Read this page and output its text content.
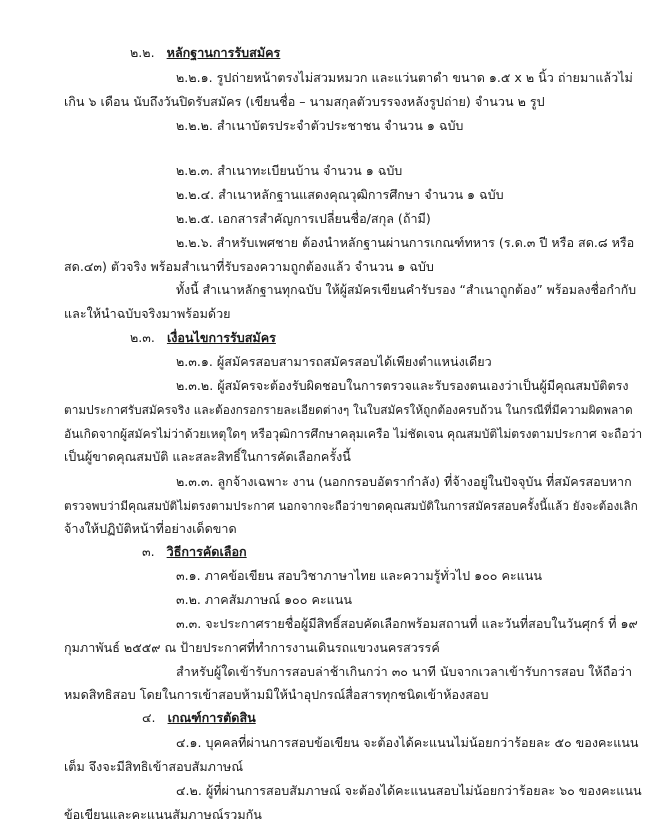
๒.๒. หลักฐานการรับสมัคร
๒.๒.๑. รูปถ่ายหน้าตรงไม่สวมหมวก และแว่นตาดำ ขนาด ๑.๕ x ๒ นิ้ว ถ่ายมาแล้วไม่
เกิน ๖ เดือน นับถึงวันปิดรับสมัคร (เขียนชื่อ – นามสกุลตัวบรรจงหลังรูปถ่าย) จำนวน ๒ รูป
๒.๒.๒. สำเนาบัตรประจำตัวประชาชน จำนวน ๑ ฉบับ
๒.๒.๓. สำเนาทะเบียนบ้าน จำนวน ๑ ฉบับ
๒.๒.๔. สำเนาหลักฐานแสดงคุณวุฒิการศึกษา จำนวน ๑ ฉบับ
๒.๒.๕. เอกสารสำคัญการเปลี่ยนชื่อ/สกุล (ถ้ามี)
๒.๒.๖. สำหรับเพศชาย ต้องนำหลักฐานผ่านการเกณฑ์ทหาร (ร.ด.๓ ปี หรือ สด.๘ หรือ
สด.๔๓) ตัวจริง พร้อมสำเนาที่รับรองความถูกต้องแล้ว จำนวน ๑ ฉบับ
ทั้งนี้ สำเนาหลักฐานทุกฉบับ ให้ผู้สมัครเขียนคำรับรอง “สำเนาถูกต้อง” พร้อมลงชื่อกำกับ
และให้นำฉบับจริงมาพร้อมด้วย
๒.๓. เงื่อนไขการรับสมัคร
๒.๓.๑. ผู้สมัครสอบสามารถสมัครสอบได้เพียงตำแหน่งเดียว
๒.๓.๒. ผู้สมัครจะต้องรับผิดชอบในการตรวจและรับรองตนเองว่าเป็นผู้มีคุณสมบัติตรง
ตามประกาศรับสมัครจริง และต้องกรอกรายละเอียดต่างๆ ในใบสมัครให้ถูกต้องครบถ้วน ในกรณีที่มีความผิดพลาด
อันเกิดจากผู้สมัครไม่ว่าด้วยเหตุใดๆ หรือวุฒิการศึกษาคลุมเครือ ไม่ชัดเจน คุณสมบัติไม่ตรงตามประกาศ จะถือว่า
เป็นผู้ขาดคุณสมบัติ และสละสิทธิ์ในการคัดเลือกครั้งนี้
๒.๓.๓. ลูกจ้างเฉพาะ งาน (นอกกรอบอัตรากำลัง) ที่จ้างอยู่ในปัจจุบัน ที่สมัครสอบหาก
ตรวจพบว่ามีคุณสมบัติไม่ตรงตามประกาศ นอกจากจะถือว่าขาดคุณสมบัติในการสมัครสอบครั้งนี้แล้ว ยังจะต้องเลิก
จ้างให้ปฏิบัติหน้าที่อย่างเด็ดขาด
๓. วิธีการคัดเลือก
๓.๑. ภาคข้อเขียน สอบวิชาภาษาไทย และความรู้ทั่วไป ๑๐๐ คะแนน
๓.๒. ภาคสัมภาษณ์ ๑๐๐ คะแนน
๓.๓. จะประกาศรายชื่อผู้มีสิทธิ์สอบคัดเลือกพร้อมสถานที่ และวันที่สอบในวันศุกร์ ที่ ๑๙
กุมภาพันธ์ ๒๕๕๙ ณ ป้ายประกาศที่ทำการงานเดินรถแขวงนครสวรรค์
สำหรับผู้ใดเข้ารับการสอบล่าช้าเกินกว่า ๓๐ นาที นับจากเวลาเข้ารับการสอบ ให้ถือว่า
หมดสิทธิสอบ โดยในการเข้าสอบห้ามมิให้นำอุปกรณ์สื่อสารทุกชนิดเข้าห้องสอบ
๔. เกณฑ์การตัดสิน
๔.๑. บุคคลที่ผ่านการสอบข้อเขียน จะต้องได้คะแนนไม่น้อยกว่าร้อยละ ๕๐ ของคะแนน
เต็ม จึงจะมีสิทธิเข้าสอบสัมภาษณ์
๔.๒. ผู้ที่ผ่านการสอบสัมภาษณ์ จะต้องได้คะแนนสอบไม่น้อยกว่าร้อยละ ๖๐ ของคะแนน
ข้อเขียนและคะแนนสัมภาษณ์รวมกัน
